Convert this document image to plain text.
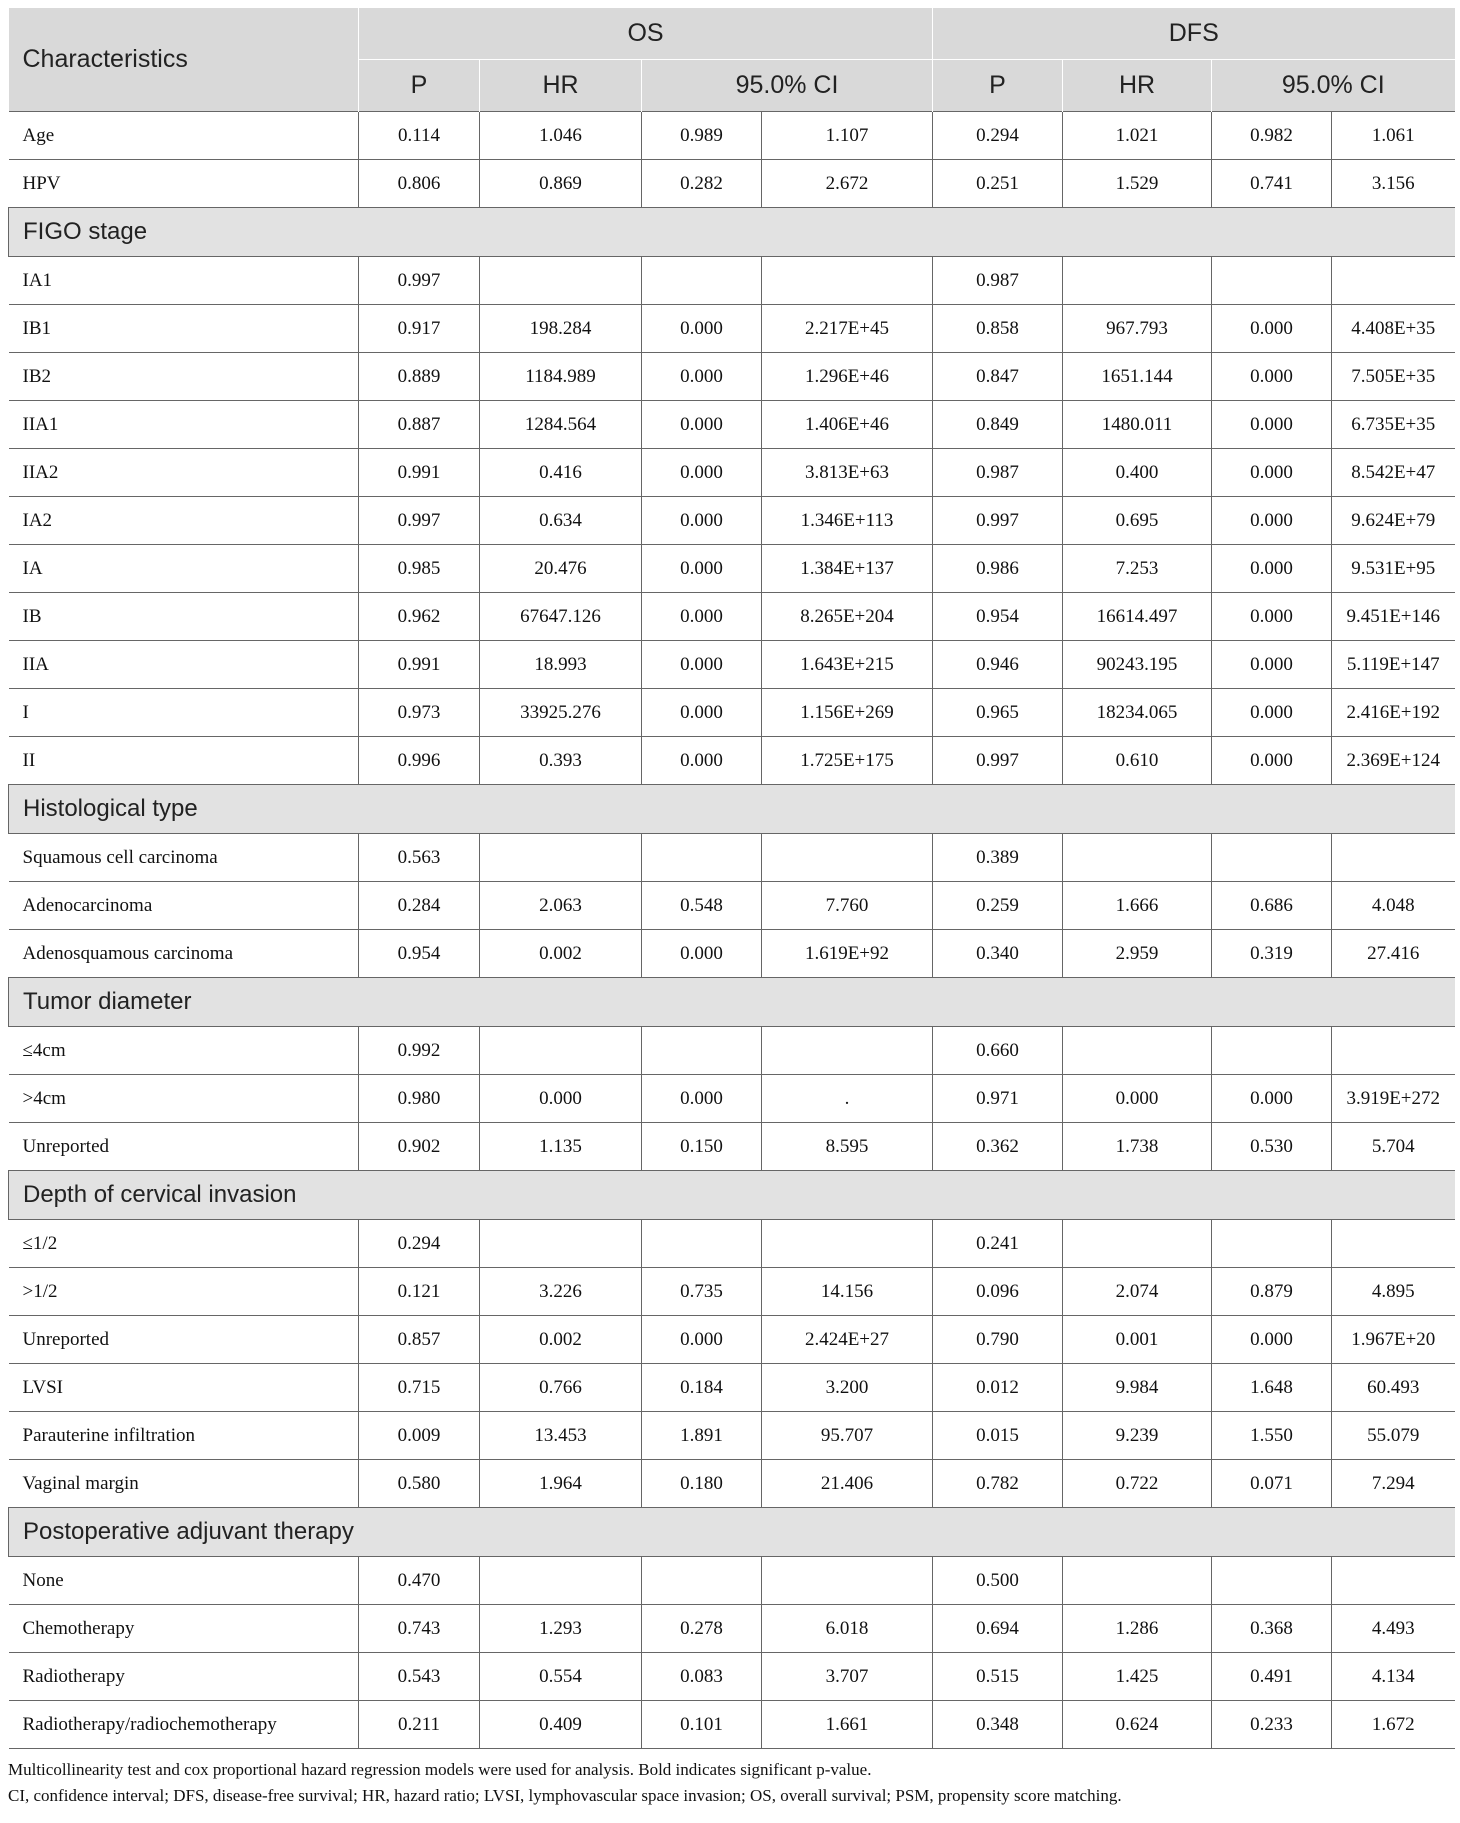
Characteristics	OS				DFS			
	P	HR	95.0% CI		P	HR	95.0% CI	
Age	0.114	1.046	0.989	1.107	0.294	1.021	0.982	1.061
HPV	0.806	0.869	0.282	2.672	0.251	1.529	0.741	3.156
FIGO stage								
IA1	0.997				0.987			
IB1	0.917	198.284	0.000	2.217E+45	0.858	967.793	0.000	4.408E+35
IB2	0.889	1184.989	0.000	1.296E+46	0.847	1651.144	0.000	7.505E+35
IIA1	0.887	1284.564	0.000	1.406E+46	0.849	1480.011	0.000	6.735E+35
IIA2	0.991	0.416	0.000	3.813E+63	0.987	0.400	0.000	8.542E+47
IA2	0.997	0.634	0.000	1.346E+113	0.997	0.695	0.000	9.624E+79
IA	0.985	20.476	0.000	1.384E+137	0.986	7.253	0.000	9.531E+95
IB	0.962	67647.126	0.000	8.265E+204	0.954	16614.497	0.000	9.451E+146
IIA	0.991	18.993	0.000	1.643E+215	0.946	90243.195	0.000	5.119E+147
I	0.973	33925.276	0.000	1.156E+269	0.965	18234.065	0.000	2.416E+192
II	0.996	0.393	0.000	1.725E+175	0.997	0.610	0.000	2.369E+124
Histological type								
Squamous cell carcinoma	0.563				0.389			
Adenocarcinoma	0.284	2.063	0.548	7.760	0.259	1.666	0.686	4.048
Adenosquamous carcinoma	0.954	0.002	0.000	1.619E+92	0.340	2.959	0.319	27.416
Tumor diameter								
≤4cm	0.992				0.660			
>4cm	0.980	0.000	0.000	.	0.971	0.000	0.000	3.919E+272
Unreported	0.902	1.135	0.150	8.595	0.362	1.738	0.530	5.704
Depth of cervical invasion								
≤1/2	0.294				0.241			
>1/2	0.121	3.226	0.735	14.156	0.096	2.074	0.879	4.895
Unreported	0.857	0.002	0.000	2.424E+27	0.790	0.001	0.000	1.967E+20
LVSI	0.715	0.766	0.184	3.200	0.012	9.984	1.648	60.493
Parauterine infiltration	0.009	13.453	1.891	95.707	0.015	9.239	1.550	55.079
Vaginal margin	0.580	1.964	0.180	21.406	0.782	0.722	0.071	7.294
Postoperative adjuvant therapy								
None	0.470				0.500			
Chemotherapy	0.743	1.293	0.278	6.018	0.694	1.286	0.368	4.493
Radiotherapy	0.543	0.554	0.083	3.707	0.515	1.425	0.491	4.134
Radiotherapy/radiochemotherapy	0.211	0.409	0.101	1.661	0.348	0.624	0.233	1.672
Multicollinearity test and cox proportional hazard regression models were used for analysis. Bold indicates significant p-value.
CI, confidence interval; DFS, disease-free survival; HR, hazard ratio; LVSI, lymphovascular space invasion; OS, overall survival; PSM, propensity score matching.
